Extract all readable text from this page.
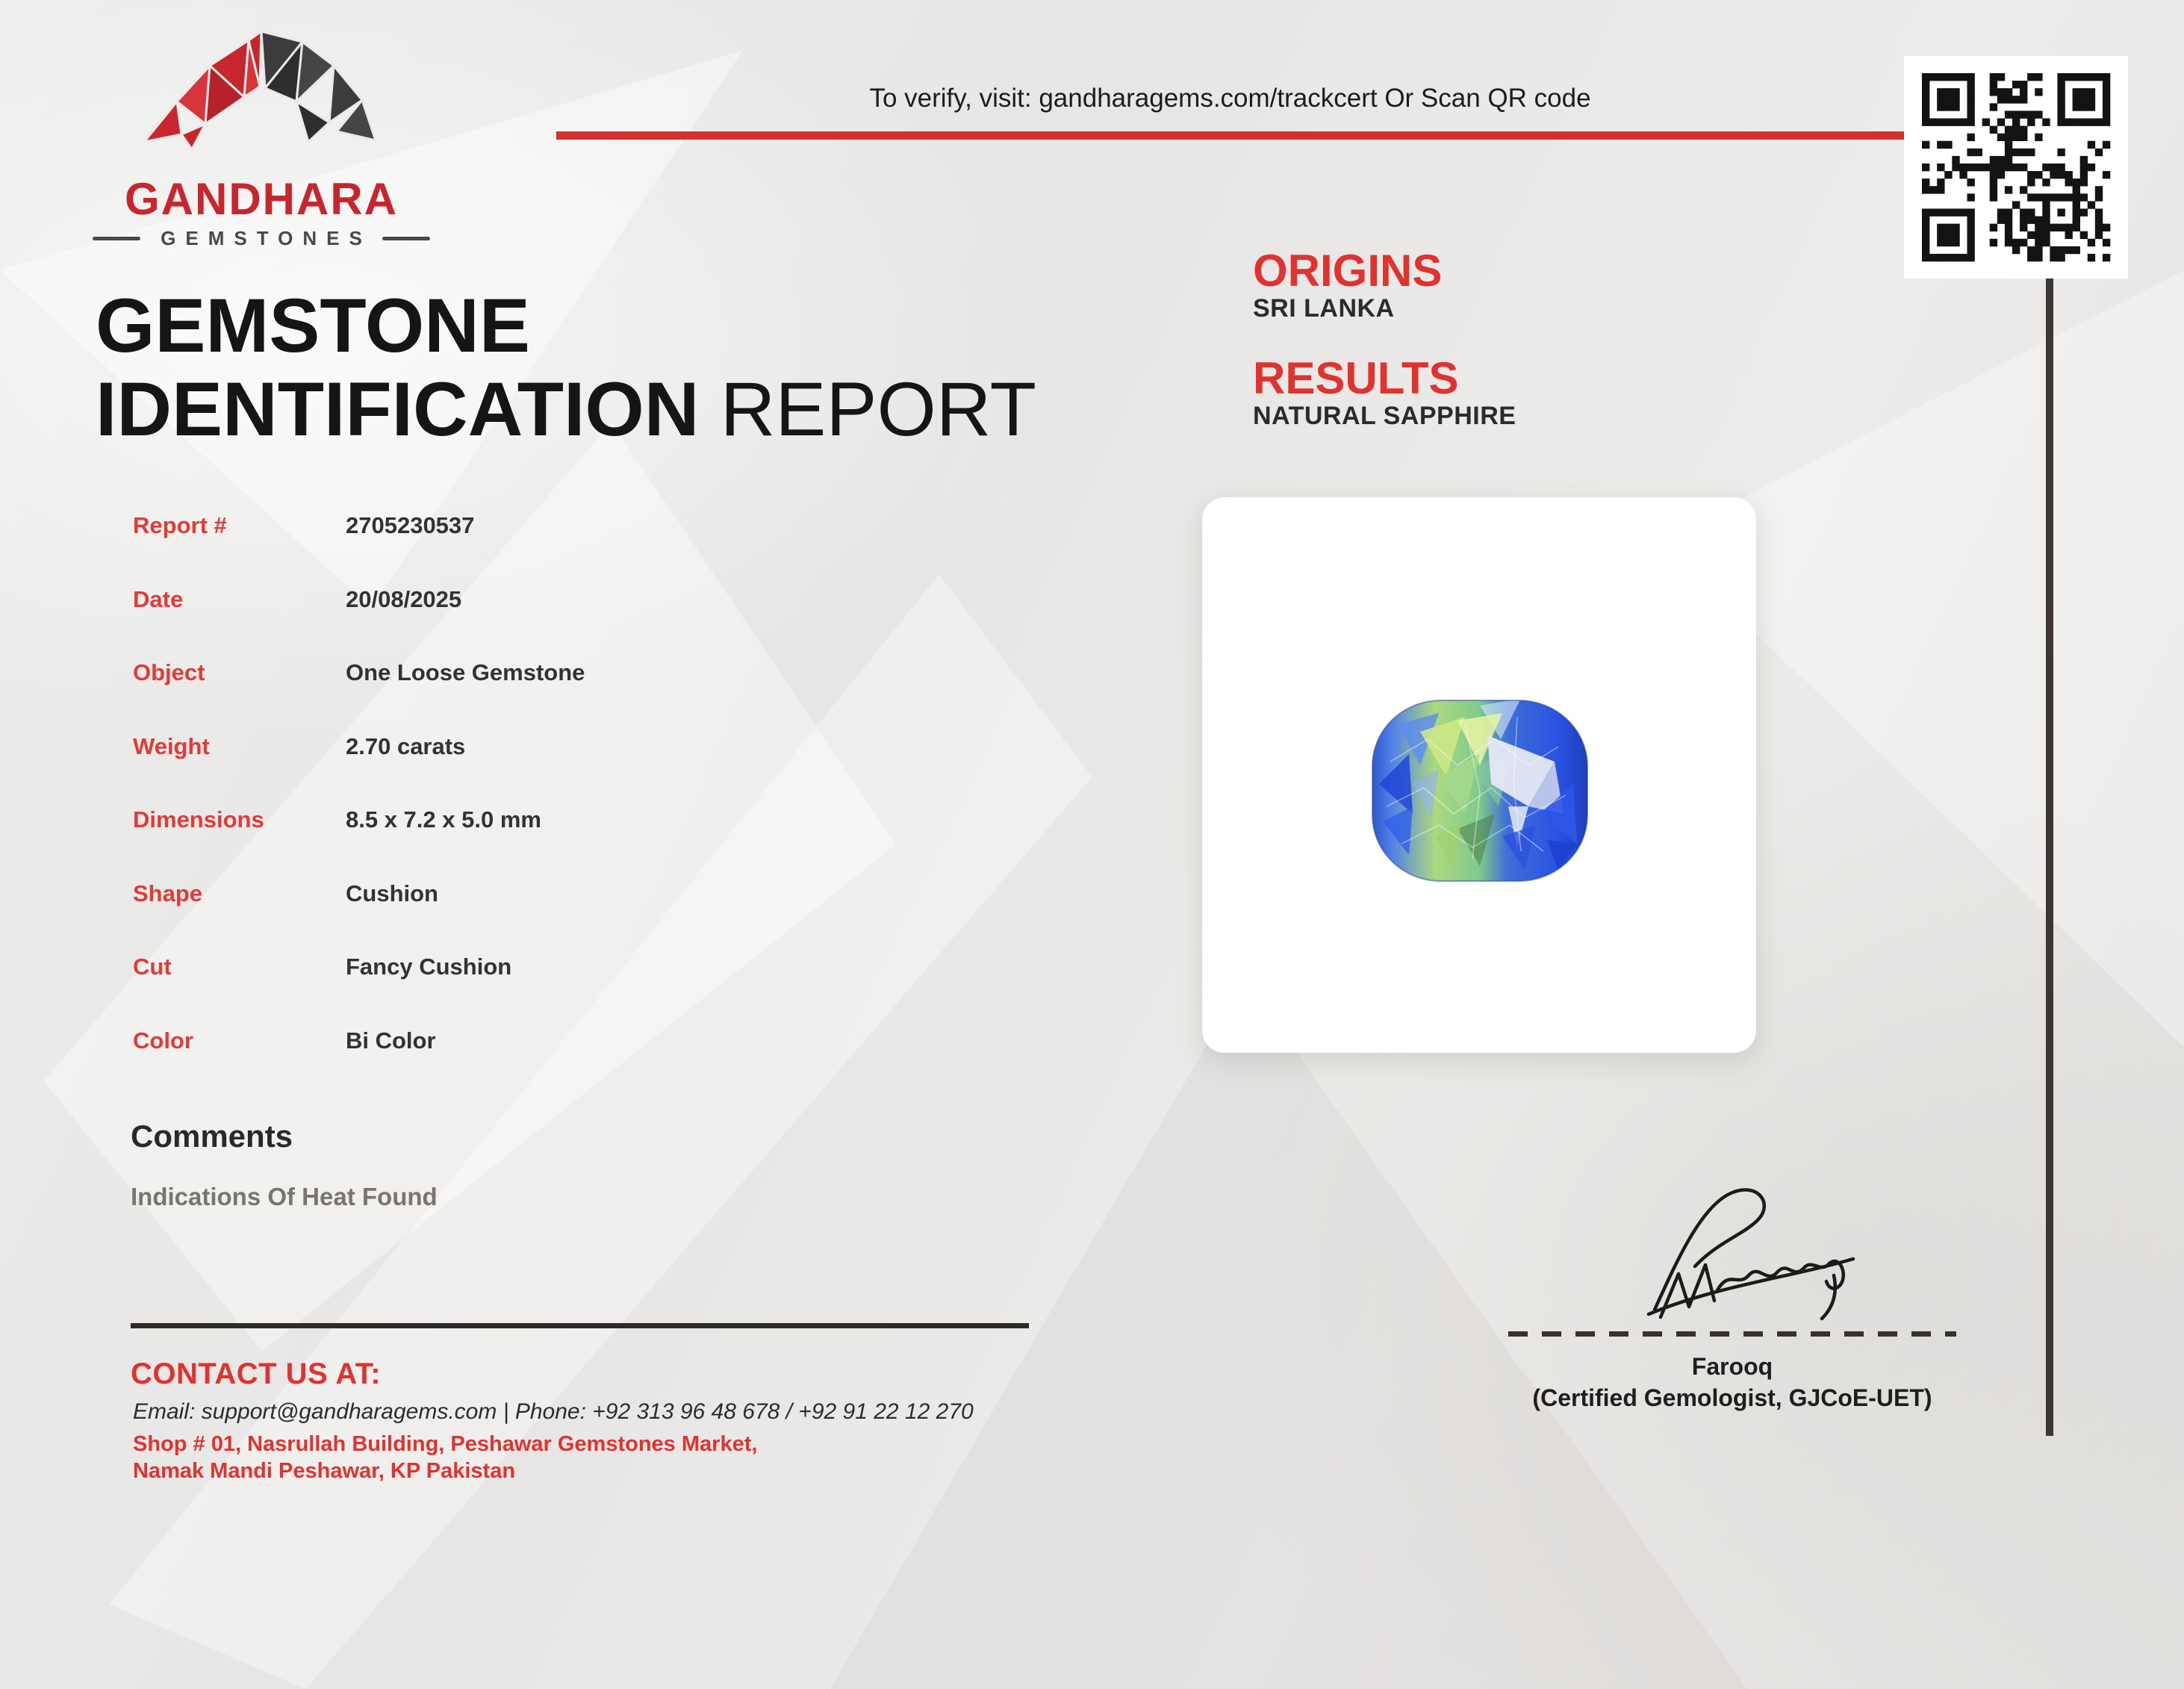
GANDHARA
GEMSTONES
To verify, visit: gandharagems.com/trackcert Or Scan QR code
GEMSTONE
IDENTIFICATION REPORT
Report #	2705230537
Date	20/08/2025
Object	One Loose Gemstone
Weight	2.70 carats
Dimensions	8.5 x 7.2 x 5.0 mm
Shape	Cushion
Cut	Fancy Cushion
Color	Bi Color
ORIGINS
SRI LANKA
RESULTS
NATURAL SAPPHIRE
Comments
Indications Of Heat Found
CONTACT US AT:
Email: support@gandharagems.com | Phone: +92 313 96 48 678 / +92 91 22 12 270
Shop # 01, Nasrullah Building, Peshawar Gemstones Market,
Namak Mandi Peshawar, KP Pakistan
Farooq
(Certified Gemologist, GJCoE-UET)
